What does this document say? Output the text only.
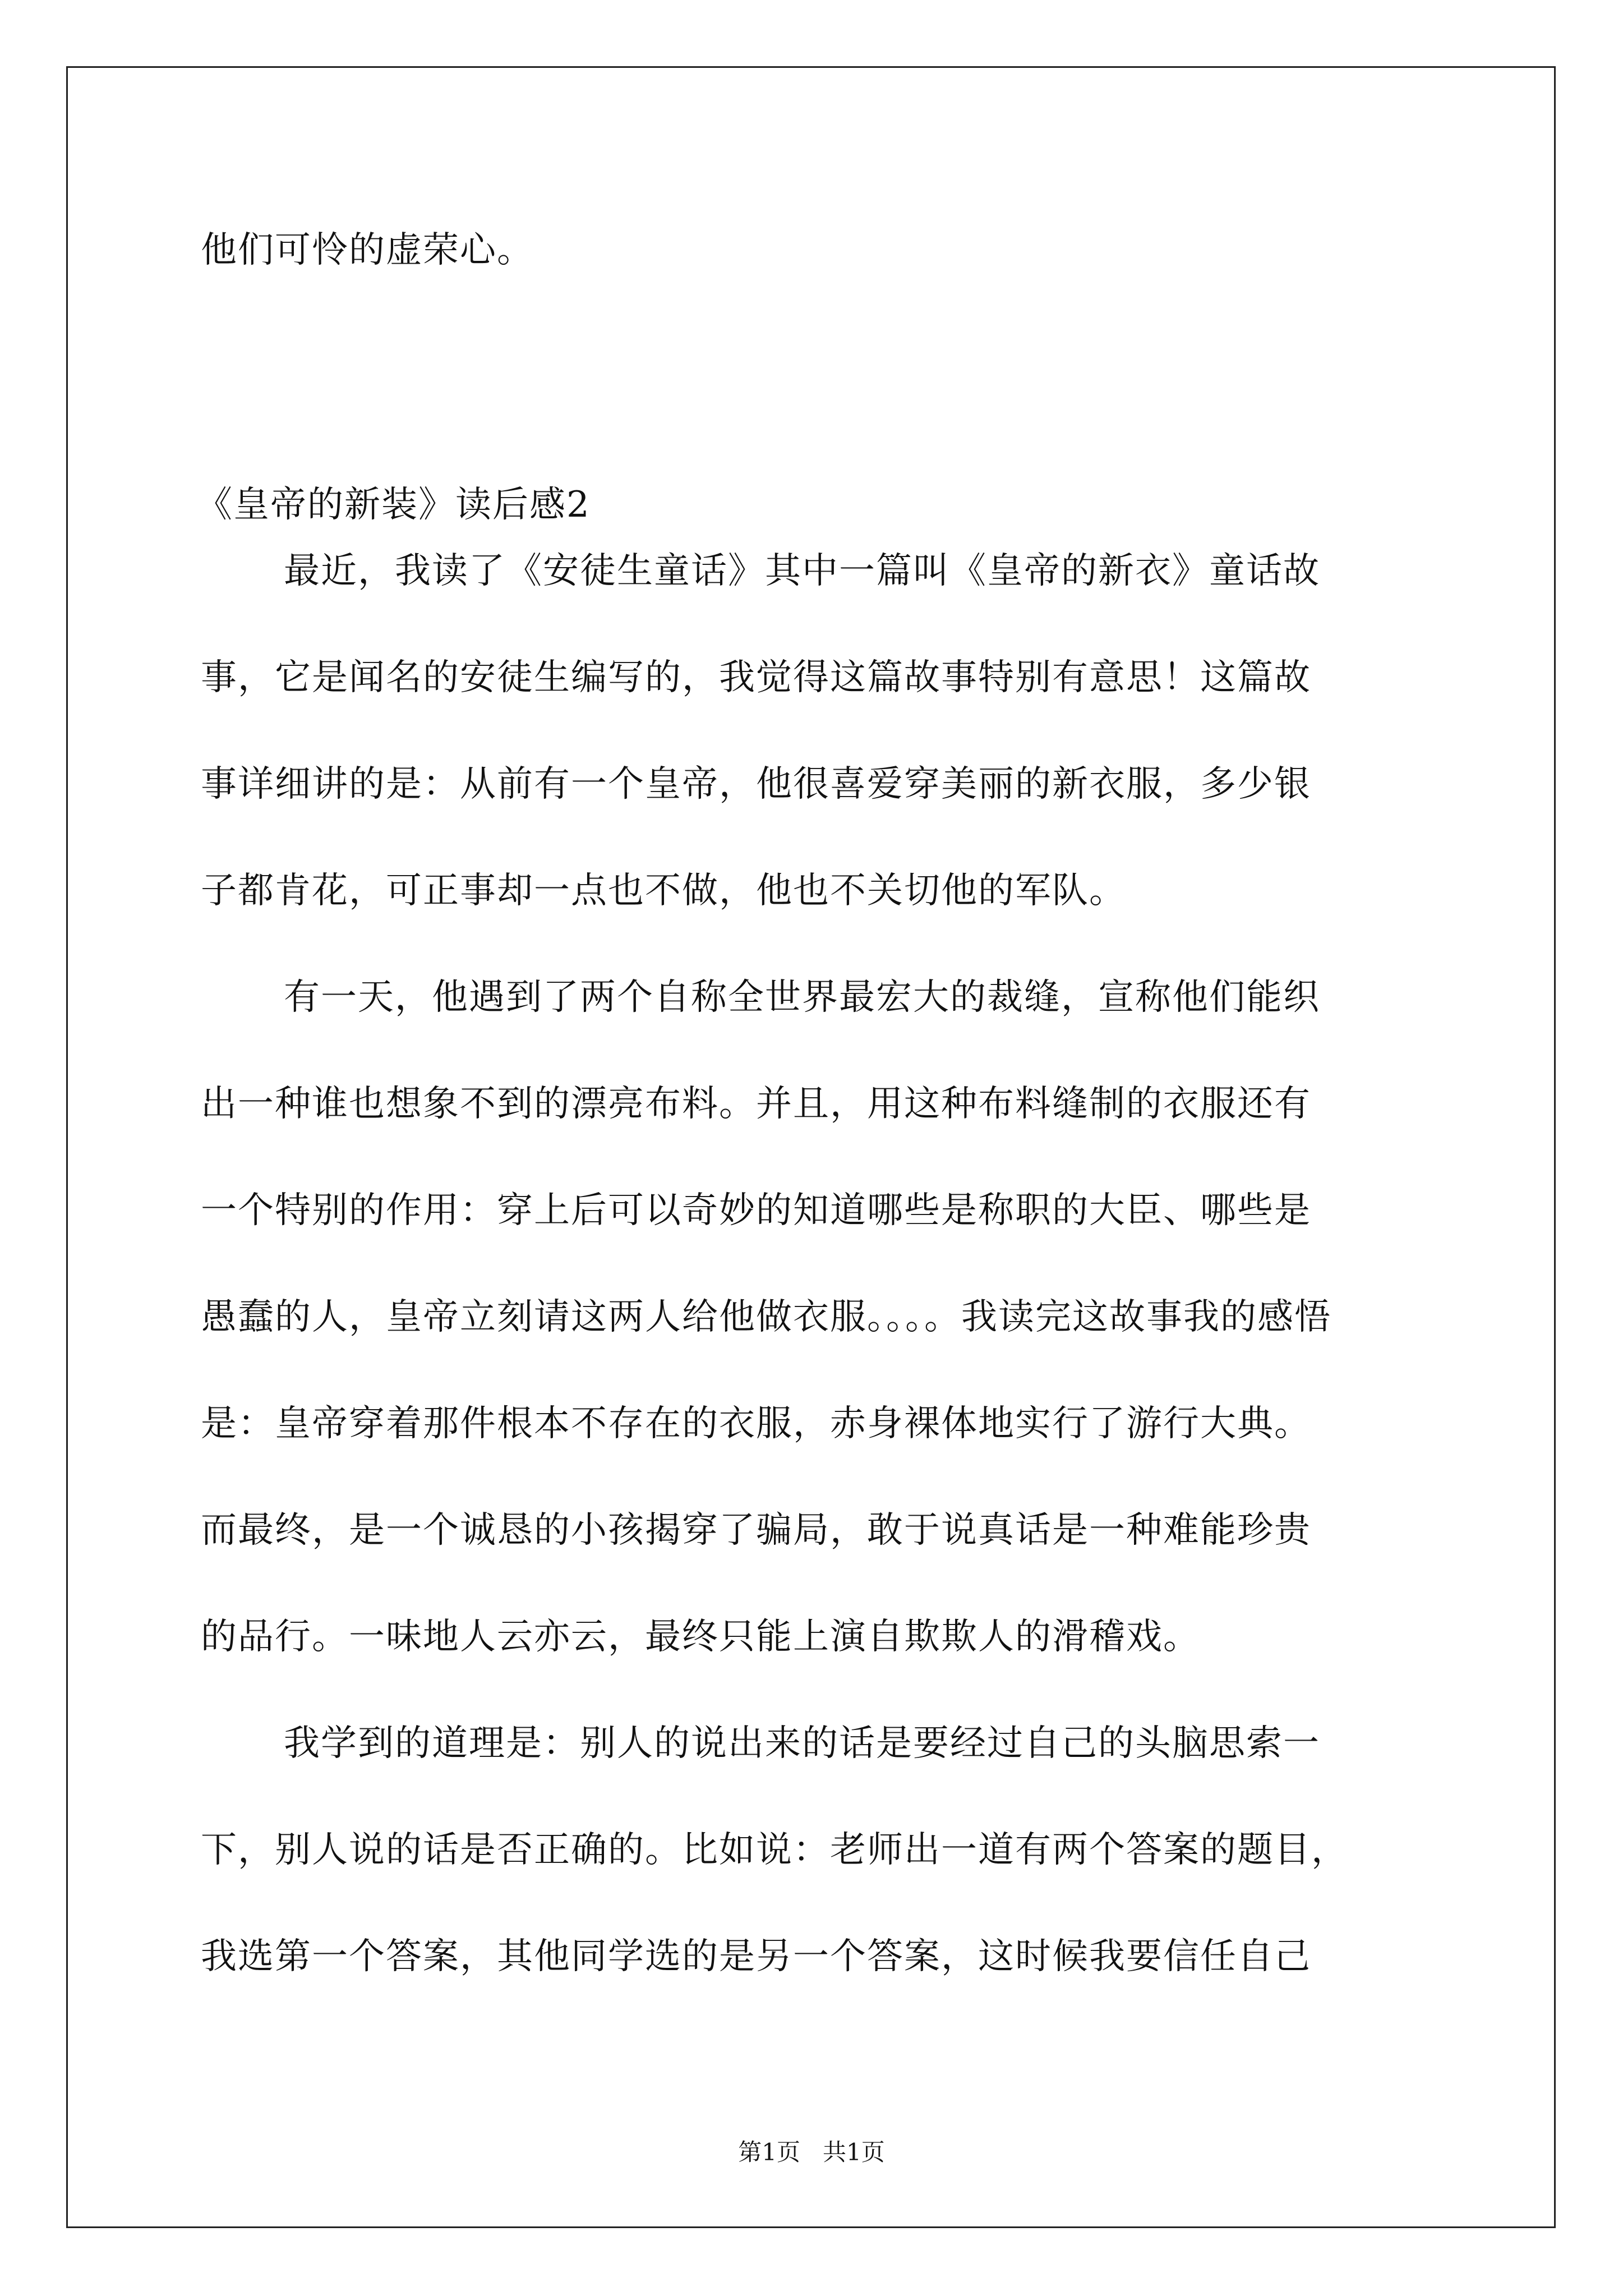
他们可怜的虚荣心。
《皇帝的新装》读后感2
最近，我读了《安徒生童话》其中一篇叫《皇帝的新衣》童话故
事，它是闻名的安徒生编写的，我觉得这篇故事特别有意思！这篇故
事详细讲的是：从前有一个皇帝，他很喜爱穿美丽的新衣服，多少银
子都肯花，可正事却一点也不做，他也不关切他的军队。
有一天，他遇到了两个自称全世界最宏大的裁缝，宣称他们能织
出一种谁也想象不到的漂亮布料。并且，用这种布料缝制的衣服还有
一个特别的作用：穿上后可以奇妙的知道哪些是称职的大臣、哪些是
愚蠢的人，皇帝立刻请这两人给他做衣服。。。。我读完这故事我的感悟
是：皇帝穿着那件根本不存在的衣服，赤身裸体地实行了游行大典。
而最终，是一个诚恳的小孩揭穿了骗局，敢于说真话是一种难能珍贵
的品行。一味地人云亦云，最终只能上演自欺欺人的滑稽戏。
我学到的道理是：别人的说出来的话是要经过自己的头脑思索一
下，别人说的话是否正确的。比如说：老师出一道有两个答案的题目，
我选第一个答案，其他同学选的是另一个答案，这时候我要信任自己
第1页   共1页
